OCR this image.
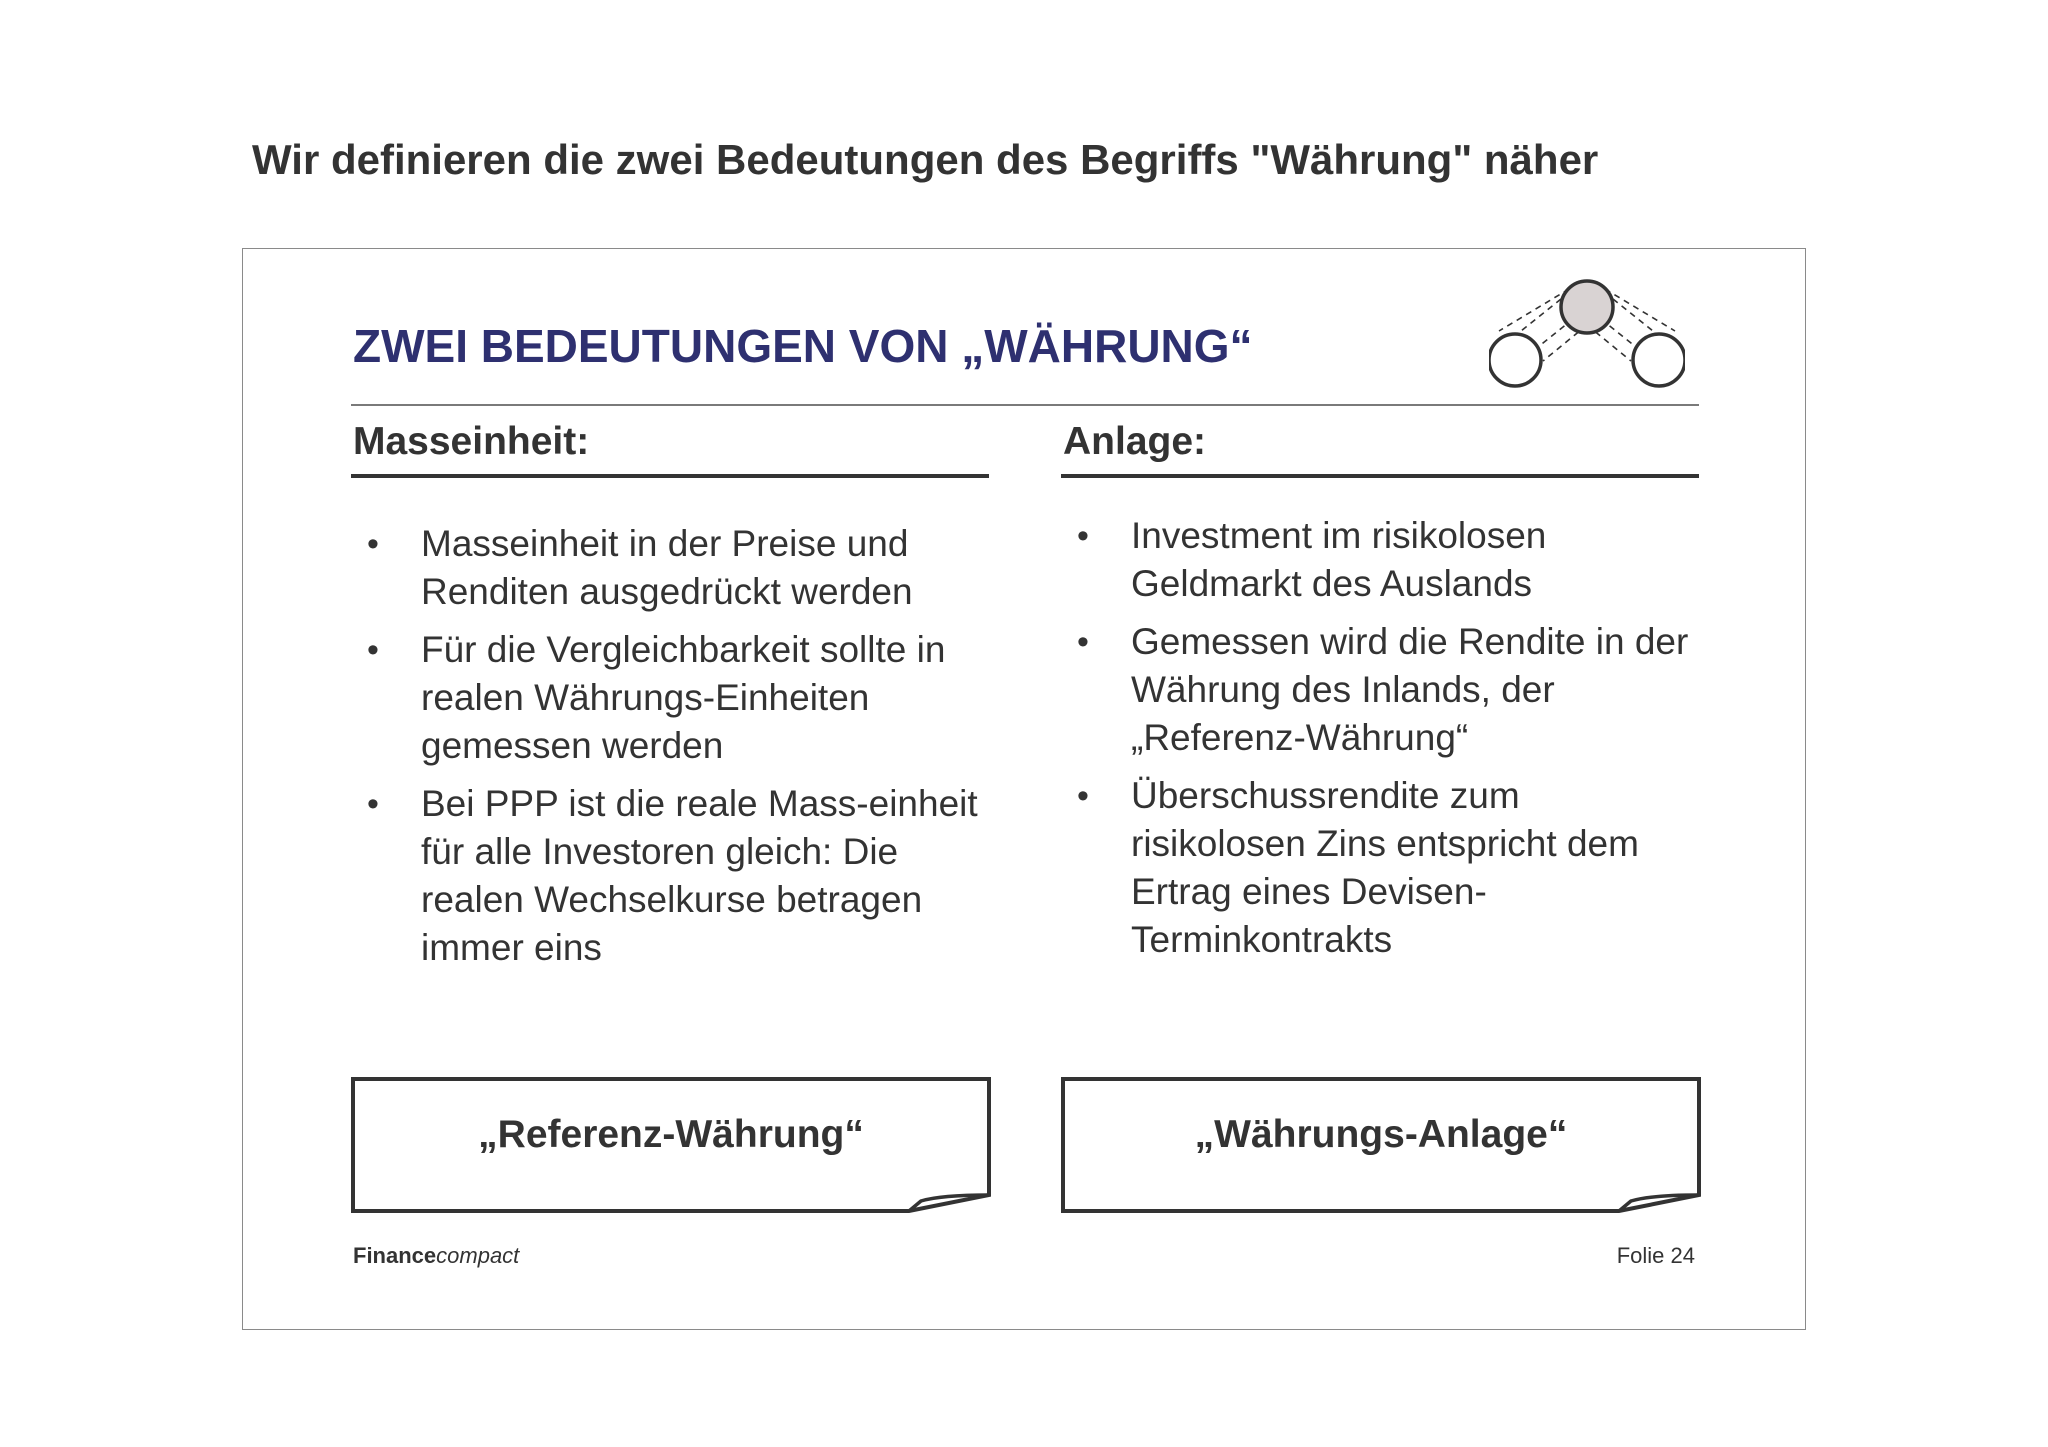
Wir definieren die zwei Bedeutungen des Begriffs "Währung" näher
ZWEI BEDEUTUNGEN VON „WÄHRUNG“
Masseinheit:
• Masseinheit in der Preise und Renditen ausgedrückt werden
• Für die Vergleichbarkeit sollte in realen Währungs-Einheiten gemessen werden
• Bei PPP ist die reale Mass-einheit für alle Investoren gleich: Die realen Wechselkurse betragen immer eins
Anlage:
• Investment im risikolosen Geldmarkt des Auslands
• Gemessen wird die Rendite in der Währung des Inlands, der „Referenz-Währung“
• Überschussrendite zum risikolosen Zins entspricht dem Ertrag eines Devisen-Terminkontrakts
„Referenz-Währung“	„Währungs-Anlage“
Financecompact	Folie 24
